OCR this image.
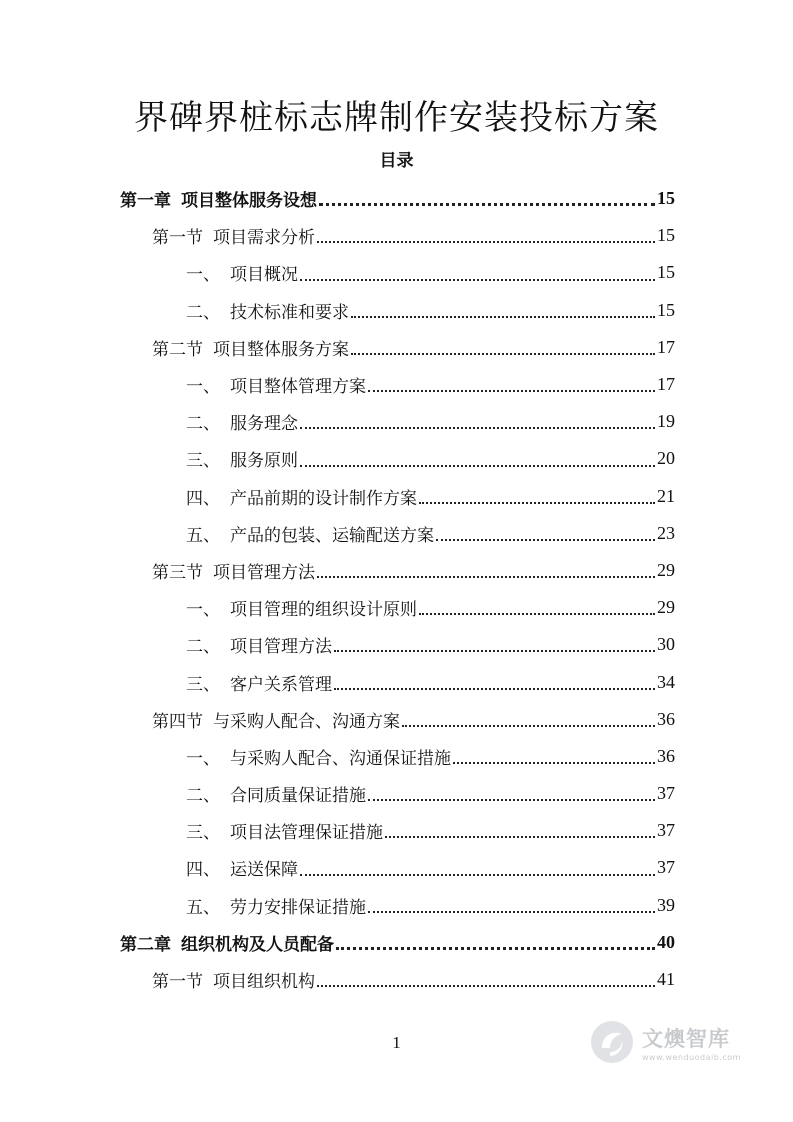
界碑界桩标志牌制作安装投标方案
目录
第一章 项目整体服务设想	15
第一节 项目需求分析	15
一、 项目概况	15
二、 技术标准和要求	15
第二节 项目整体服务方案	17
一、 项目整体管理方案	17
二、 服务理念	19
三、 服务原则	20
四、 产品前期的设计制作方案	21
五、 产品的包装、运输配送方案	23
第三节 项目管理方法	29
一、 项目管理的组织设计原则	29
二、 项目管理方法	30
三、 客户关系管理	34
第四节 与采购人配合、沟通方案	36
一、 与采购人配合、沟通保证措施	36
二、 合同质量保证措施	37
三、 项目法管理保证措施	37
四、 运送保障	37
五、 劳力安排保证措施	39
第二章 组织机构及人员配备	40
第一节 项目组织机构	41
1	文燠智库
www.wenduodaib.com
